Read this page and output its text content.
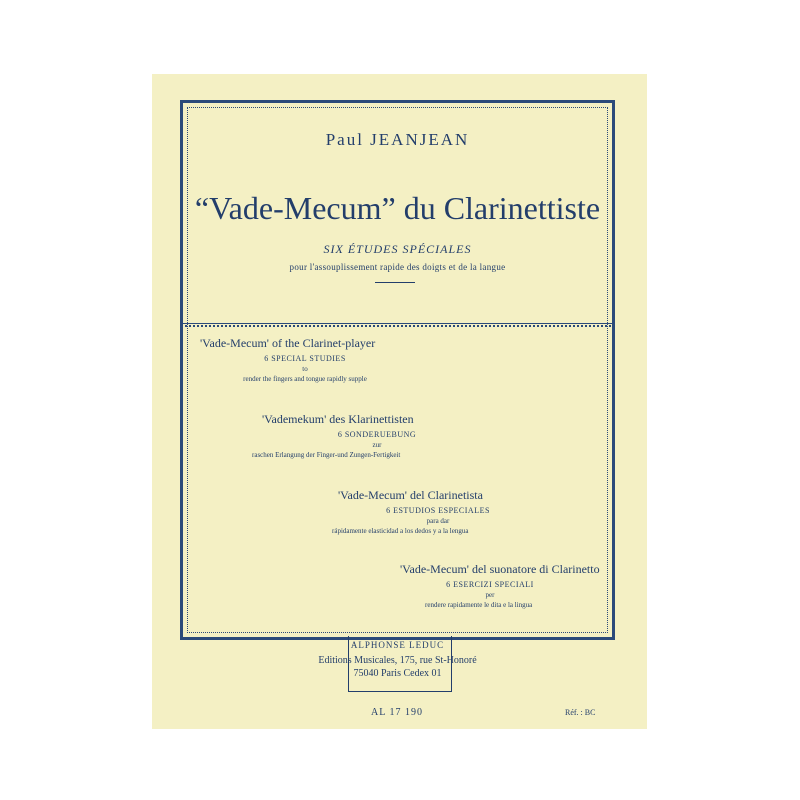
Paul JEANJEAN
“Vade-Mecum” du Clarinettiste
SIX ÉTUDES SPÉCIALES
pour l'assouplissement rapide des doigts et de la langue
'Vade-Mecum' of the Clarinet-player
6 SPECIAL STUDIES
to
render the fingers and tongue rapidly supple
'Vademekum' des Klarinettisten
6 SONDERUEBUNG
zur
raschen Erlangung der Finger-und Zungen-Fertigkeit
'Vade-Mecum' del Clarinetista
6 ESTUDIOS ESPECIALES
para dar
rápidamente elasticidad a los dedos y a la lengua
'Vade-Mecum' del suonatore di Clarinetto
6 ESERCIZI SPECIALI
per
rendere rapidamente le dita e la lingua
ALPHONSE LEDUC
Editions Musicales, 175, rue St-Honoré
75040 Paris Cedex 01
AL 17 190	Réf. : BC
